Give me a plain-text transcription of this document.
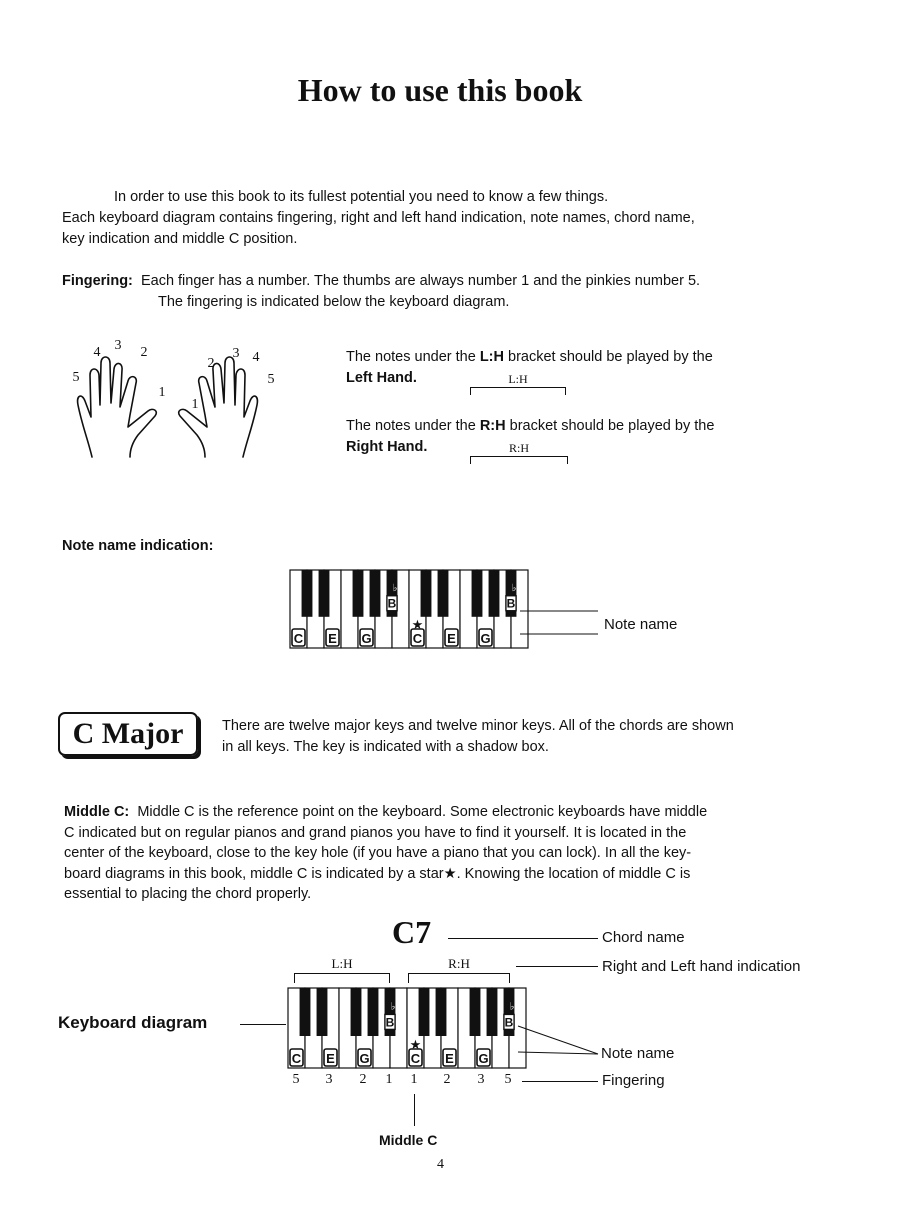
How to use this book
In order to use this book to its fullest potential you need to know a few things.
Each keyboard diagram contains fingering, right and left hand indication, note names, chord name,
key indication and middle C position.
Fingering: Each finger has a number. The thumbs are always number 1 and the pinkies number 5.
The fingering is indicated below the keyboard diagram.
4	3	2
5
1
2
3 4
1
5
The notes under the L:H bracket should be played by the
Left Hand.	L:H
The notes under the R:H bracket should be played by the
Right Hand.	R:H
Note name indication:
C E G	C E G
♭
B
♭
B
★	Note name
C Major	There are twelve major keys and twelve minor keys. All of the chords are shown
in all keys. The key is indicated with a shadow box.
Middle C: Middle C is the reference point on the keyboard. Some electronic keyboards have middle
C indicated but on regular pianos and grand pianos you have to find it yourself. It is located in the
center of the keyboard, close to the key hole (if you have a piano that you can lock). In all the key-
board diagrams in this book, middle C is indicated by a star★. Knowing the location of middle C is
essential to placing the chord properly.
C7	Chord name
L:H	R:H	Right and Left hand indication
Keyboard diagram
C E G	C E G
♭
B
♭
B
★	Note name
5	3	2	1	1	2	3	5	Fingering
Middle C
4
